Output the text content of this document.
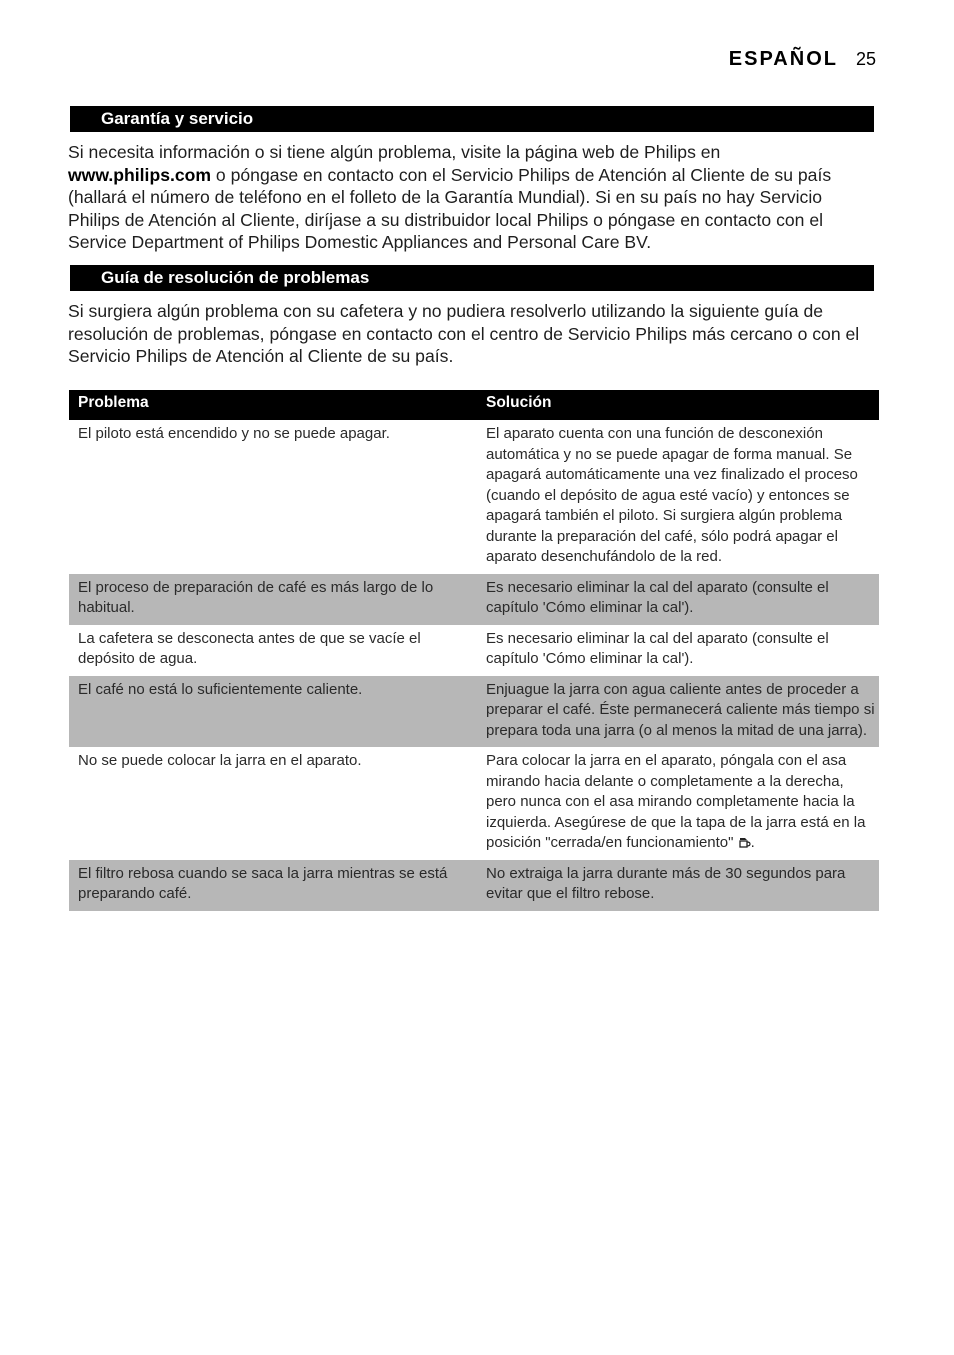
ESPAÑOL 25
Garantía y servicio
Si necesita información o si tiene algún problema, visite la página web de Philips en
www.philips.com o póngase en contacto con el Servicio Philips de Atención al Cliente de su país (hallará el número de teléfono en el folleto de la Garantía Mundial). Si en su país no hay Servicio Philips de Atención al Cliente, diríjase a su distribuidor local Philips o póngase en contacto con el Service Department of Philips Domestic Appliances and Personal Care BV.
Guía de resolución de problemas
Si surgiera algún problema con su cafetera y no pudiera resolverlo utilizando la siguiente guía de resolución de problemas, póngase en contacto con el centro de Servicio Philips más cercano o con el Servicio Philips de Atención al Cliente de su país.
Problema	Solución
El piloto está encendido y no se puede apagar.	El aparato cuenta con una función de desconexión automática y no se puede apagar de forma manual. Se apagará automáticamente una vez finalizado el proceso (cuando el depósito de agua esté vacío) y entonces se apagará también el piloto. Si surgiera algún problema durante la preparación del café, sólo podrá apagar el aparato desenchufándolo de la red.
El proceso de preparación de café es más largo de lo habitual.	Es necesario eliminar la cal del aparato (consulte el capítulo 'Cómo eliminar la cal').
La cafetera se desconecta antes de que se vacíe el depósito de agua.	Es necesario eliminar la cal del aparato (consulte el capítulo 'Cómo eliminar la cal').
El café no está lo suficientemente caliente.	Enjuague la jarra con agua caliente antes de proceder a preparar el café. Éste permanecerá caliente más tiempo si prepara toda una jarra (o al menos la mitad de una jarra).
No se puede colocar la jarra en el aparato.	Para colocar la jarra en el aparato, póngala con el asa mirando hacia delante o completamente a la derecha, pero nunca con el asa mirando completamente hacia la izquierda. Asegúrese de que la tapa de la jarra está en la posición "cerrada/en funcionamiento" .
El filtro rebosa cuando se saca la jarra mientras se está preparando café.	No extraiga la jarra durante más de 30 segundos para evitar que el filtro rebose.
